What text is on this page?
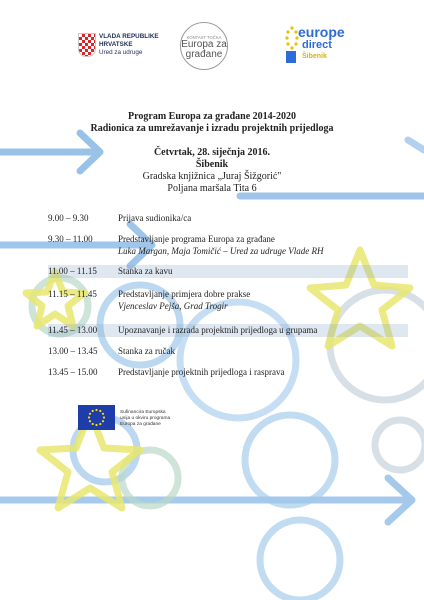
VLADA REPUBLIKE
HRVATSKE
Ured za udruge
KONTAKT TOČKA
Europa za
građane
europe
direct
Šibenik
Program Europa za građane 2014-2020
Radionica za umrežavanje i izradu projektnih prijedloga
Četvrtak, 28. siječnja 2016.
Šibenik
Gradska knjižnica „Juraj Šižgorić"
Poljana maršala Tita 6
9.00 – 9.30	Prijava sudionika/ca
9.30 – 11.00	Predstavljanje programa Europa za građane
Luka Margan, Maja Tomičić – Ured za udruge Vlade RH
11.00 – 11.15	Stanka za kavu
11.15 – 11.45	Predstavljanje primjera dobre prakse
Vjenceslav Pejša, Grad Trogir
11.45 – 13.00	Upoznavanje i razrada projektnih prijedloga u grupama
13.00 – 13.45	Stanka za ručak
13.45 – 15.00	Predstavljanje projektnih prijedloga i rasprava
Sufinancira Europska
unija u okviru programa
Europa za građane
